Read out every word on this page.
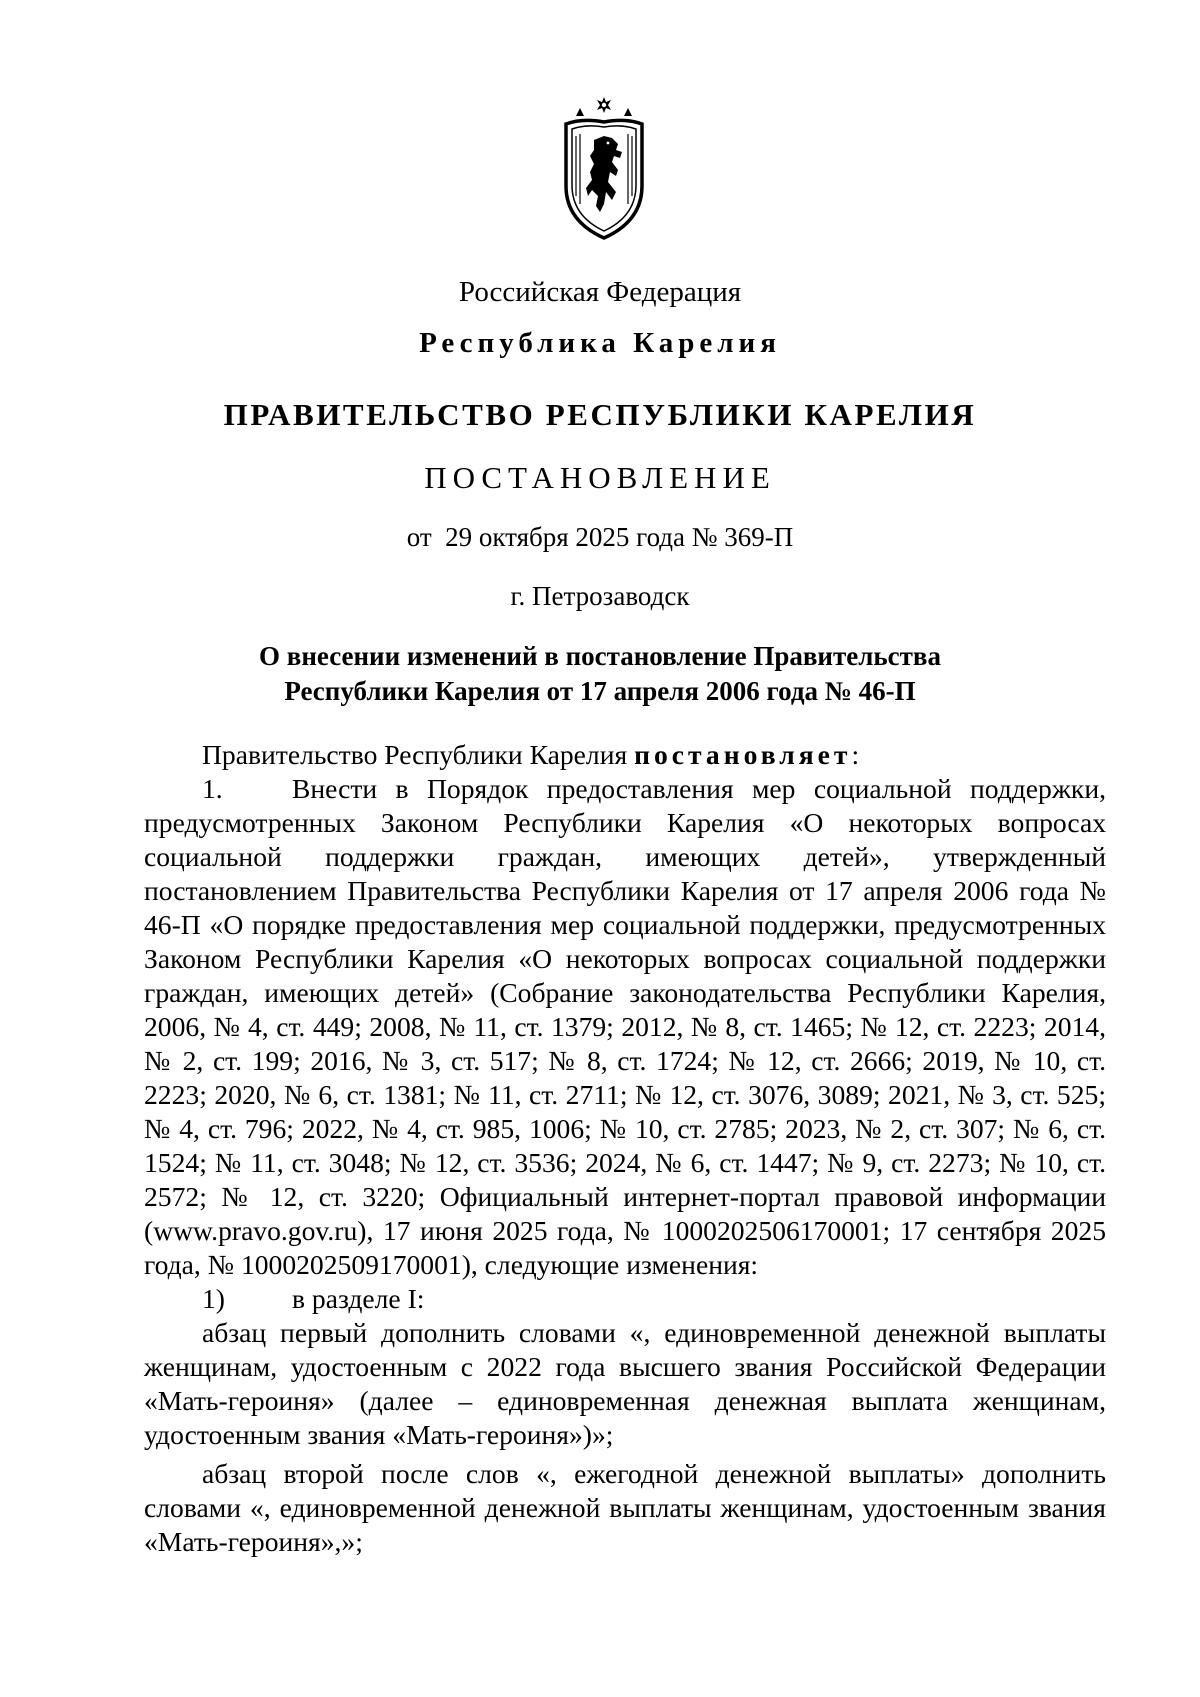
Российская Федерация
Республика Карелия
ПРАВИТЕЛЬСТВО РЕСПУБЛИКИ КАРЕЛИЯ
ПОСТАНОВЛЕНИЕ
от  29 октября 2025 года № 369-П
г. Петрозаводск
О внесении изменений в постановление Правительства
Республики Карелия от 17 апреля 2006 года № 46-П

Правительство Республики Карелия постановляет:

1.	Внести в Порядок предоставления мер социальной поддержки, предусмотренных Законом Республики Карелия «О некоторых вопросах социальной поддержки граждан, имеющих детей», утвержденный постановлением Правительства Республики Карелия от 17 апреля 2006 года № 46-П «О порядке предоставления мер социальной поддержки, предусмотренных Законом Республики Карелия «О некоторых вопросах социальной поддержки граждан, имеющих детей» (Собрание законодательства Республики Карелия, 2006, № 4, ст. 449; 2008, № 11, ст. 1379; 2012, № 8, ст. 1465; № 12, ст. 2223; 2014, № 2, ст. 199; 2016, № 3, ст. 517; № 8, ст. 1724; № 12, ст. 2666; 2019, № 10, ст. 2223; 2020, № 6, ст. 1381; № 11, ст. 2711; № 12, ст. 3076, 3089; 2021, № 3, ст. 525; № 4, ст. 796; 2022, № 4, ст. 985, 1006; № 10, ст. 2785; 2023, № 2, ст. 307; № 6, ст. 1524; № 11, ст. 3048; № 12, ст. 3536; 2024, № 6, ст. 1447; № 9, ст. 2273; № 10, ст. 2572; № 12, ст. 3220; Официальный интернет-портал правовой информации (www.pravo.gov.ru), 17 июня 2025 года, № 1000202506170001; 17 сентября 2025 года, № 1000202509170001), следующие изменения:

1) в разделе I:

абзац первый дополнить словами «, единовременной денежной выплаты женщинам, удостоенным с 2022 года высшего звания Российской Федерации «Мать-героиня» (далее – единовременная денежная выплата женщинам, удостоенным звания «Мать-героиня»)»;

абзац второй после слов «, ежегодной денежной выплаты» дополнить словами «, единовременной денежной выплаты женщинам, удостоенным звания «Мать-героиня»,»;
